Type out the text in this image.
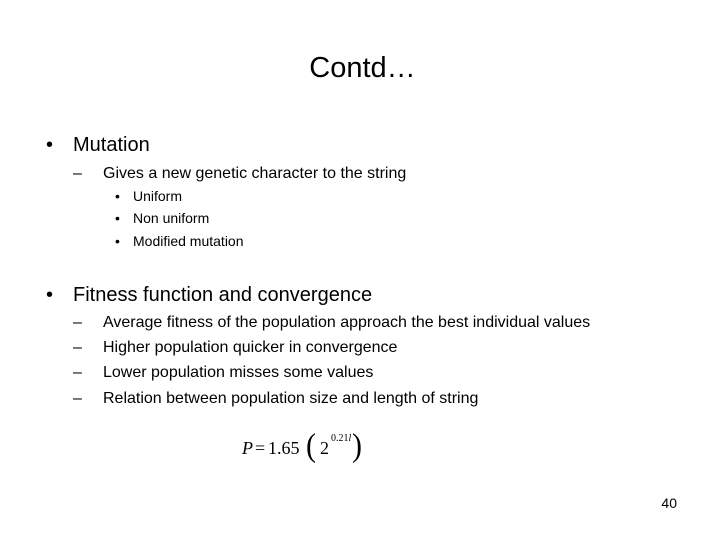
Contd…
• Mutation
– Gives a new genetic character to the string
• Uniform
• Non uniform
• Modified mutation
• Fitness function and convergence
– Average fitness of the population approach the best individual values
– Higher population quicker in convergence
– Lower population misses some values
– Relation between population size and length of string
P = 1.65 ( 2 0.21l )
40
